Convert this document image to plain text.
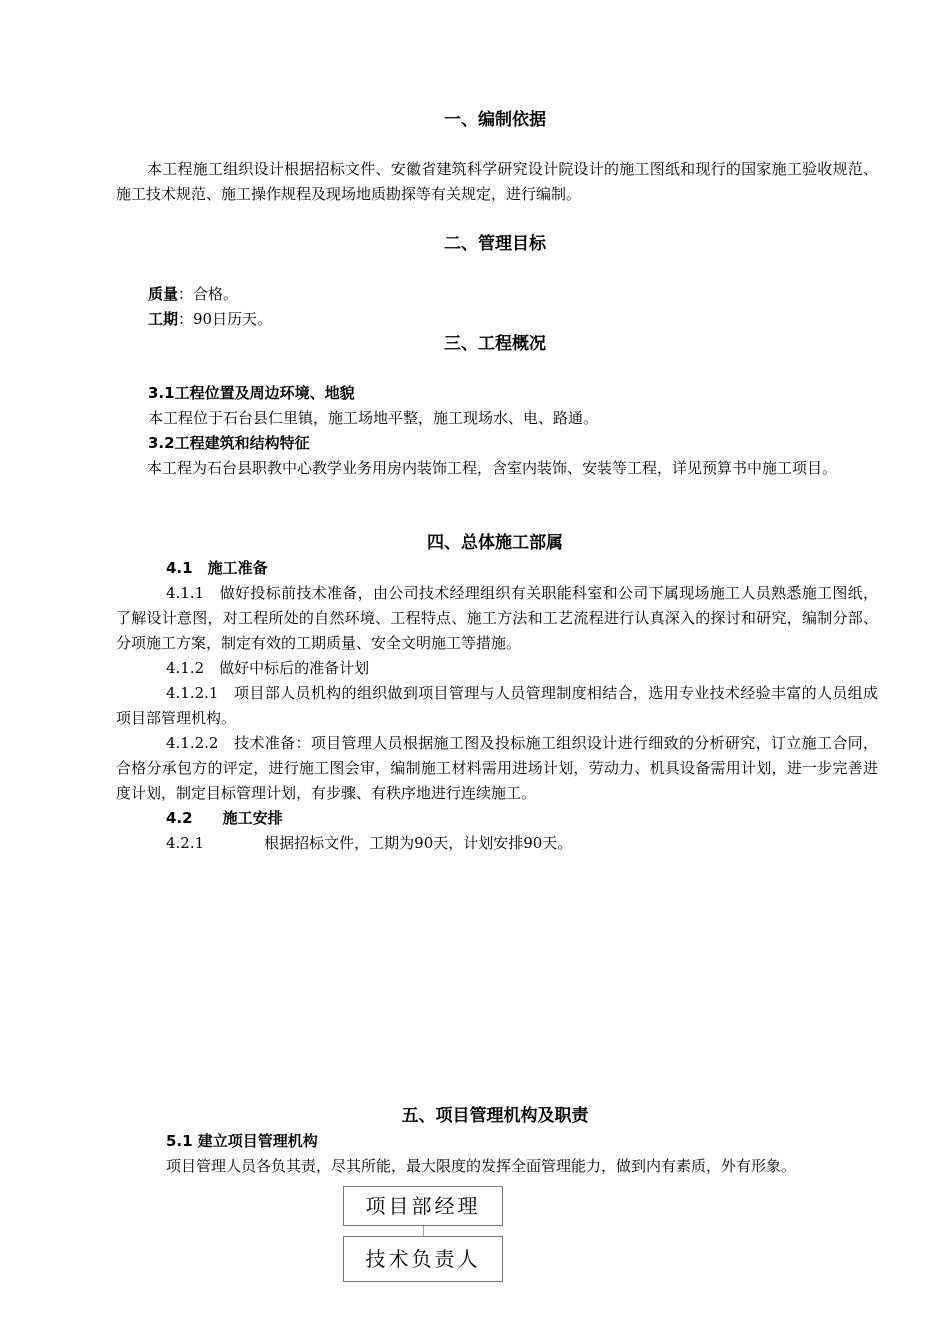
一、编制依据

本工程施工组织设计根据招标文件、安徽省建筑科学研究设计院设计的施工图纸和现行的国家施工验收规范、施工技术规范、施工操作规程及现场地质勘探等有关规定，进行编制。

二、管理目标

质量：合格。

工期：90日历天。

三、工程概况

3.1工程位置及周边环境、地貌

本工程位于石台县仁里镇，施工场地平整，施工现场水、电、路通。

3.2工程建筑和结构特征

本工程为石台县职教中心教学业务用房内装饰工程，含室内装饰、安装等工程，详见预算书中施工项目。

四、总体施工部属

4.1　施工准备

4.1.1　做好投标前技术准备，由公司技术经理组织有关职能科室和公司下属现场施工人员熟悉施工图纸，了解设计意图，对工程所处的自然环境、工程特点、施工方法和工艺流程进行认真深入的探讨和研究，编制分部、分项施工方案，制定有效的工期质量、安全文明施工等措施。

4.1.2　做好中标后的准备计划

4.1.2.1　项目部人员机构的组织做到项目管理与人员管理制度相结合，选用专业技术经验丰富的人员组成项目部管理机构。

4.1.2.2　技术准备：项目管理人员根据施工图及投标施工组织设计进行细致的分析研究，订立施工合同，合格分承包方的评定，进行施工图会审，编制施工材料需用进场计划，劳动力、机具设备需用计划，进一步完善进度计划，制定目标管理计划，有步骤、有秩序地进行连续施工。

4.2　　施工安排

4.2.1　　　　根据招标文件，工期为90天，计划安排90天。

五、项目管理机构及职责

5.1 建立项目管理机构

项目管理人员各负其责，尽其所能，最大限度的发挥全面管理能力，做到内有素质，外有形象。

项目部经理
技术负责人
